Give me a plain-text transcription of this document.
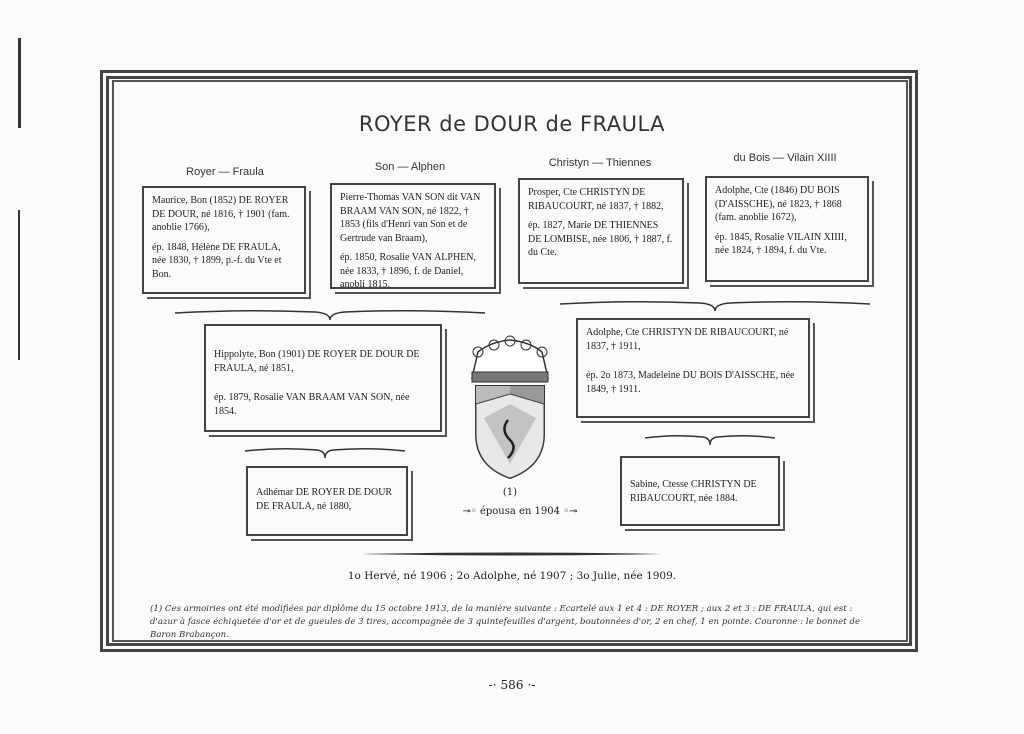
ROYER de DOUR de FRAULA
Royer — Fraula	Son — Alphen	Christyn — Thiennes	du Bois — Vilain XIIII

Maurice, Bon (1852) DE ROYER DE DOUR, né 1816, † 1901 (fam. anoblie 1766),

ép. 1848, Hélène DE FRAULA, née 1830, † 1899, p.-f. du Vte et Bon.

Pierre-Thomas VAN SON dit VAN BRAAM VAN SON, né 1822, † 1853 (fils d'Henri van Son et de Gertrude van Braam),

ép. 1850, Rosalie VAN ALPHEN, née 1833, † 1896, f. de Daniel, anobli 1815.

Prosper, Cte CHRISTYN DE RIBAUCOURT, né 1837, † 1882,

ép. 1827, Marie DE THIENNES DE LOMBISE, née 1806, † 1887, f. du Cte.

Adolphe, Cte (1846) DU BOIS (D'AISSCHE), né 1823, † 1868 (fam. anoblie 1672),

ép. 1845, Rosalie VILAIN XIIII, née 1824, † 1894, f. du Vte.

Hippolyte, Bon (1901) DE ROYER DE DOUR DE FRAULA, né 1851,

ép. 1879, Rosalie VAN BRAAM VAN SON, née 1854.

Adolphe, Cte CHRISTYN DE RIBAUCOURT, né 1837, † 1911,

ép. 2o 1873, Madeleine DU BOIS D'AISSCHE, née 1849, † 1911.

Adhémar DE ROYER DE DOUR DE FRAULA, né 1880,

Sabine, Ctesse CHRISTYN DE RIBAUCOURT, née 1884.

(1)
⊸◦ épousa en 1904 ◦⊸
1o Hervé, né 1906 ; 2o Adolphe, né 1907 ; 3o Julie, née 1909.
(1) Ces armoiries ont été modifiées par diplôme du 15 octobre 1913, de la manière suivante : Ecartelé aux 1 et 4 : DE ROYER ; aux 2 et 3 : DE FRAULA, qui est : d'azur à fasce échiquetée d'or et de gueules de 3 tires, accompagnée de 3 quintefeuilles d'argent, boutonnées d'or, 2 en chef, 1 en pointe. Couronne : le bonnet de Baron Brabançon.
-⋅ 586 ⋅-
